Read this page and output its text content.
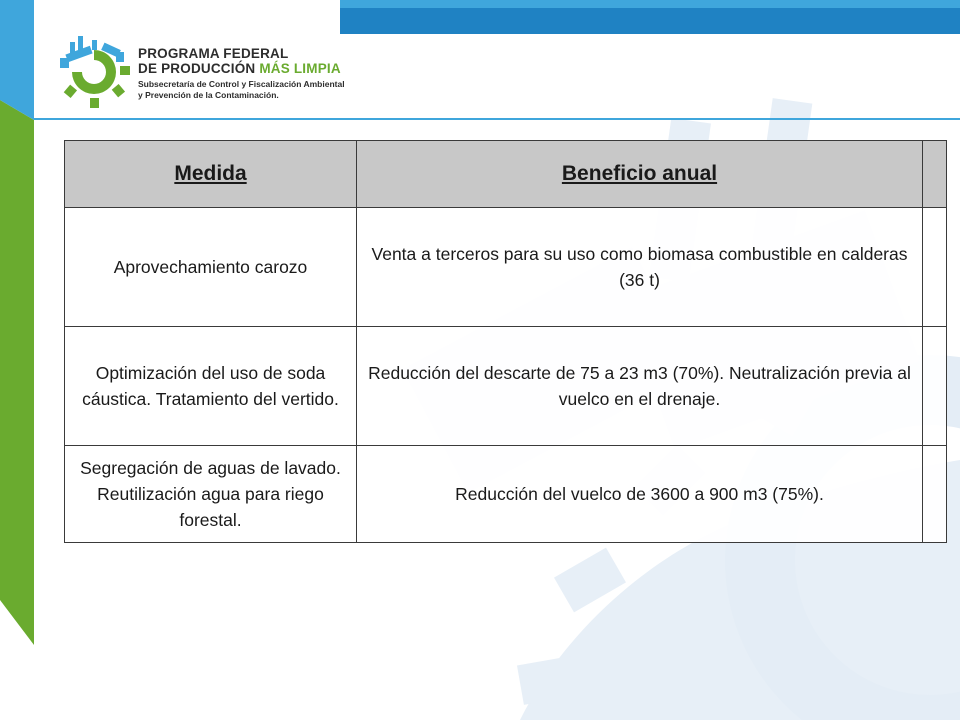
PROGRAMA FEDERAL
DE PRODUCCIÓN MÁS LIMPIA
Subsecretaría de Control y Fiscalización Ambiental
y Prevención de la Contaminación.
Medida	Beneficio anual	
Aprovechamiento carozo	Venta a terceros para su uso como biomasa combustible en calderas (36 t)	
Optimización del uso de soda cáustica. Tratamiento del vertido.	Reducción del descarte de 75 a 23 m3 (70%). Neutralización previa al vuelco en el drenaje.	
Segregación de aguas de lavado. Reutilización agua para riego forestal.	Reducción del vuelco de 3600 a 900 m3 (75%).	
